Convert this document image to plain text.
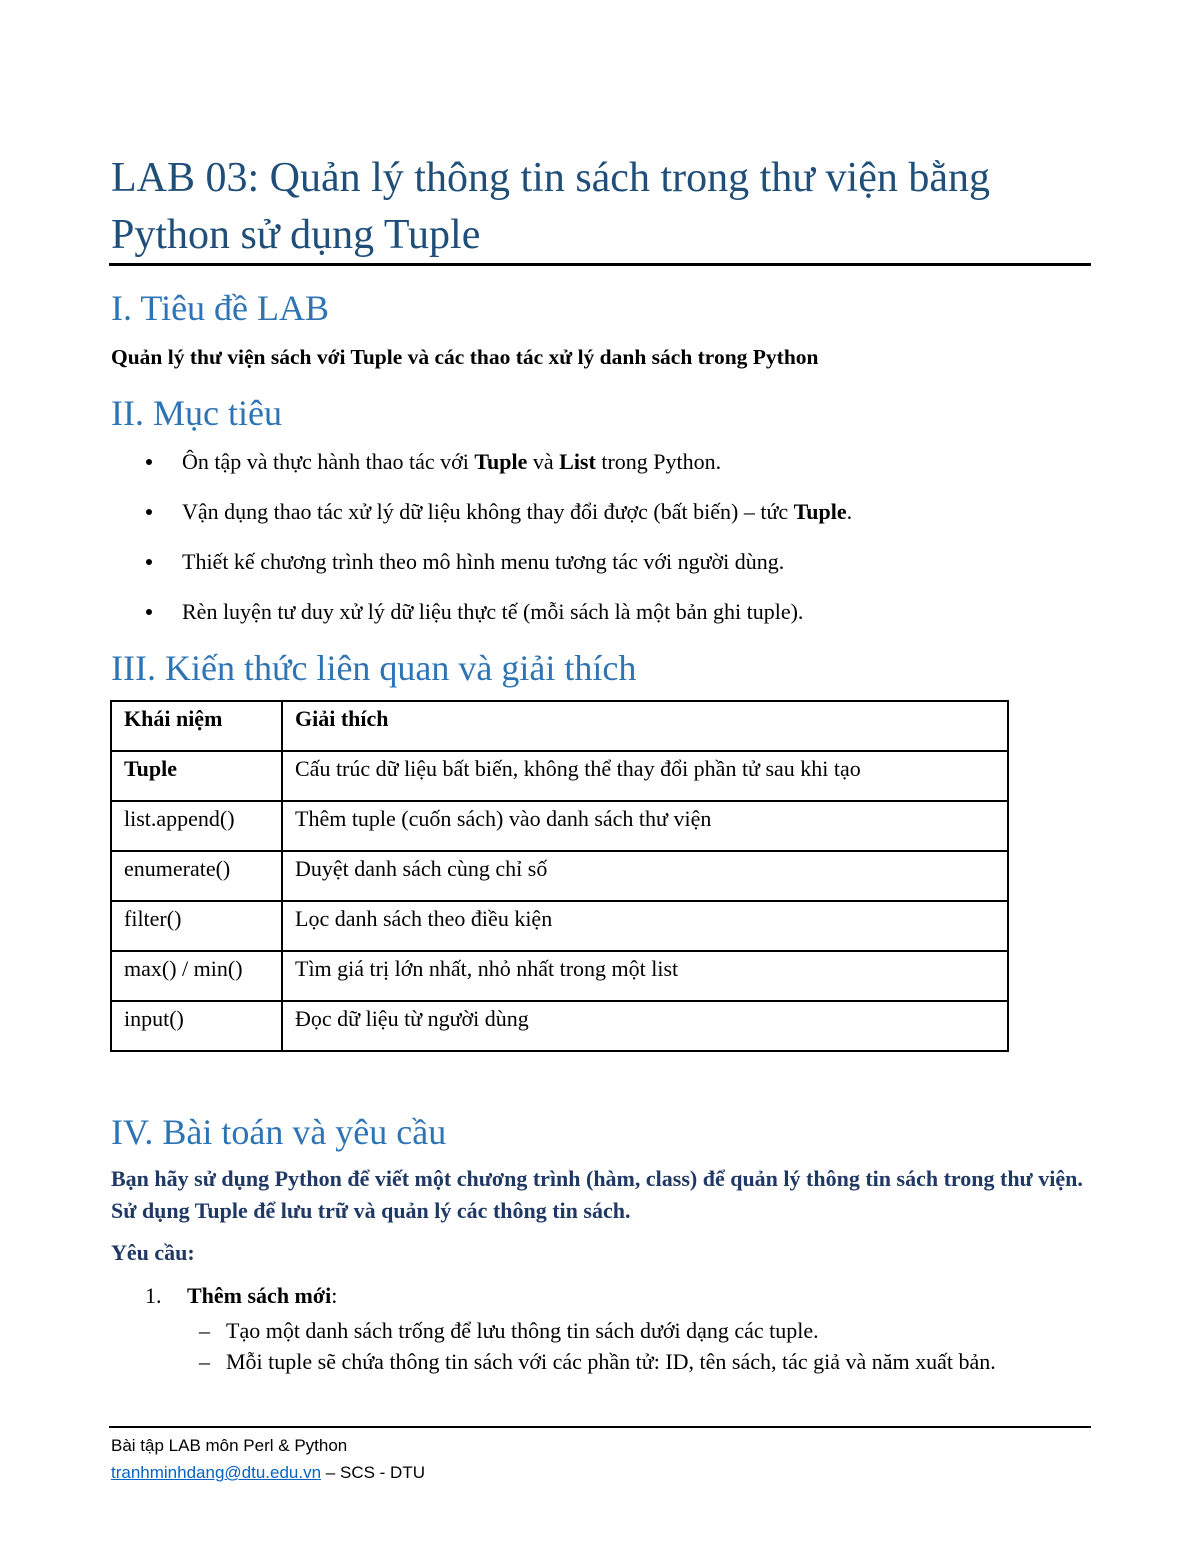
LAB 03: Quản lý thông tin sách trong thư viện bằng Python sử dụng Tuple
I. Tiêu đề LAB
Quản lý thư viện sách với Tuple và các thao tác xử lý danh sách trong Python
II. Mục tiêu
Ôn tập và thực hành thao tác với Tuple và List trong Python.
Vận dụng thao tác xử lý dữ liệu không thay đổi được (bất biến) – tức Tuple.
Thiết kế chương trình theo mô hình menu tương tác với người dùng.
Rèn luyện tư duy xử lý dữ liệu thực tế (mỗi sách là một bản ghi tuple).
III. Kiến thức liên quan và giải thích
Khái niệm	Giải thích
Tuple	Cấu trúc dữ liệu bất biến, không thể thay đổi phần tử sau khi tạo
list.append()	Thêm tuple (cuốn sách) vào danh sách thư viện
enumerate()	Duyệt danh sách cùng chỉ số
filter()	Lọc danh sách theo điều kiện
max() / min()	Tìm giá trị lớn nhất, nhỏ nhất trong một list
input()	Đọc dữ liệu từ người dùng
IV. Bài toán và yêu cầu
Bạn hãy sử dụng Python để viết một chương trình (hàm, class) để quản lý thông tin sách trong thư viện. Sử dụng Tuple để lưu trữ và quản lý các thông tin sách.
Yêu cầu:
1. Thêm sách mới:
– Tạo một danh sách trống để lưu thông tin sách dưới dạng các tuple.
– Mỗi tuple sẽ chứa thông tin sách với các phần tử: ID, tên sách, tác giả và năm xuất bản.
Bài tập LAB môn Perl & Python
tranhminhdang@dtu.edu.vn – SCS - DTU
